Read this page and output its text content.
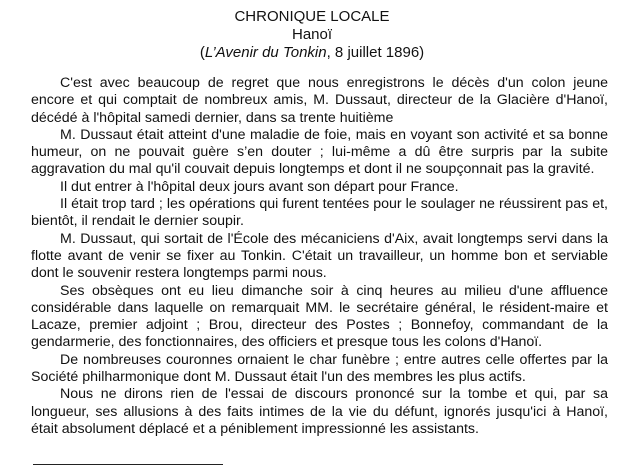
CHRONIQUE LOCALE
Hanoï
(L’Avenir du Tonkin, 8 juillet 1896)

C'est avec beaucoup de regret que nous enregistrons le décès d'un colon jeune encore et qui comptait de nombreux amis, M. Dussaut, directeur de la Glacière d'Hanoï, décédé à l'hôpital samedi dernier, dans sa trente huitième

M. Dussaut était atteint d'une maladie de foie, mais en voyant son activité et sa bonne humeur, on ne pouvait guère s’en douter ; lui-même a dû être surpris par la subite aggravation du mal qu'il couvait depuis longtemps et dont il ne soupçonnait pas la gravité.

Il dut entrer à l'hôpital deux jours avant son départ pour France.

Il était trop tard ; les opérations qui furent tentées pour le soulager ne réussirent pas et, bientôt, il rendait le dernier soupir.

M. Dussaut, qui sortait de l'École des mécaniciens d'Aix, avait longtemps servi dans la flotte avant de venir se fixer au Tonkin. C'était un travailleur, un homme bon et serviable dont le souvenir restera longtemps parmi nous.

Ses obsèques ont eu lieu dimanche soir à cinq heures au milieu d'une affluence considérable dans laquelle on remarquait MM. le secrétaire général, le résident-maire et Lacaze, premier adjoint ; Brou, directeur des Postes ; Bonnefoy, commandant de la gendarmerie, des fonctionnaires, des officiers et presque tous les colons d'Hanoï.

De nombreuses couronnes ornaient le char funèbre ; entre autres celle offertes par la Société philharmonique dont M. Dussaut était l'un des membres les plus actifs.

Nous ne dirons rien de l'essai de discours prononcé sur la tombe et qui, par sa longueur, ses allusions à des faits intimes de la vie du défunt, ignorés jusqu'ici à Hanoï, était absolument déplacé et a péniblement impressionné les assistants.
